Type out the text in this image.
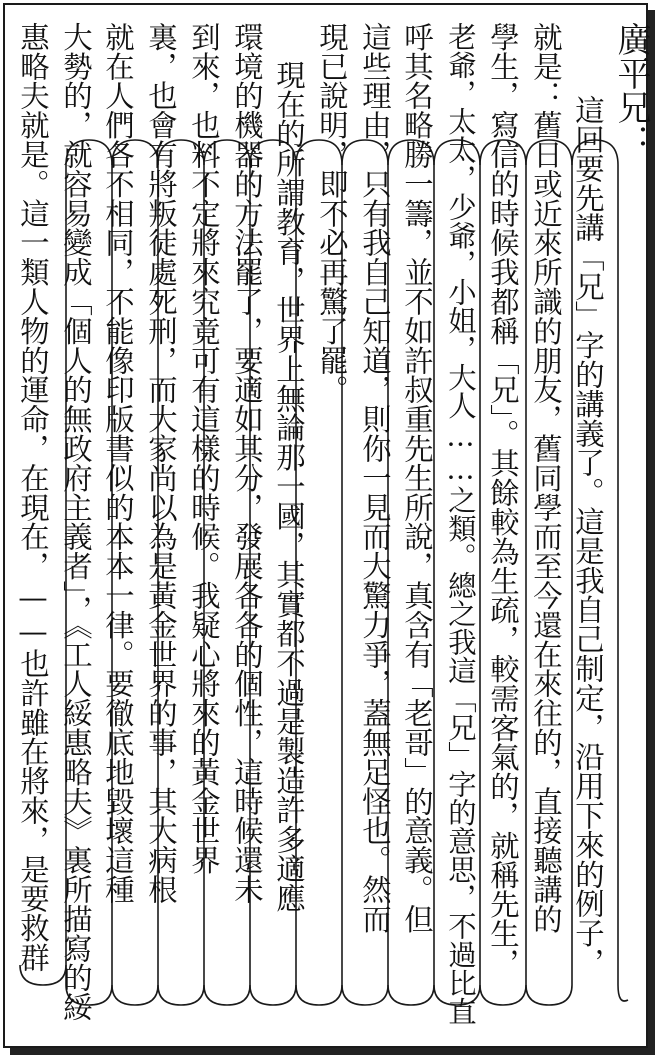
廣平兄：
這回要先講「兄」字的講義了。這是我自己制定，沿用下來的例子，
就是：舊日或近來所識的朋友，舊同學而至今還在來往的，直接聽講的
學生，寫信的時候我都稱「兄」。其餘較為生疏，較需客氣的，就稱先生，
老爺，太太，少爺，小姐，大人……之類。總之我這「兄」字的意思，不過比直
呼其名略勝一籌，並不如許叔重先生所說，真含有「老哥」的意義。但
這些理由，只有我自己知道，則你一見而大驚力爭，蓋無足怪也。然而
現已說明，即不必再驚了罷。
現在的所謂教育，世界上無論那一國，其實都不過是製造許多適應
環境的機器的方法罷了，要適如其分，發展各各的個性，這時候還未
到來，也料不定將來究竟可有這樣的時候。我疑心將來的黃金世界
裏，也會有將叛徒處死刑，而大家尚以為是黃金世界的事，其大病根
就在人們各不相同，不能像印版書似的本本一律。要徹底地毀壞這種
大勢的，就容易變成「個人的無政府主義者」，《工人綏惠略夫》裏所描寫的綏
惠略夫就是。這一類人物的運命，在現在，——也許雖在將來，是要救群
